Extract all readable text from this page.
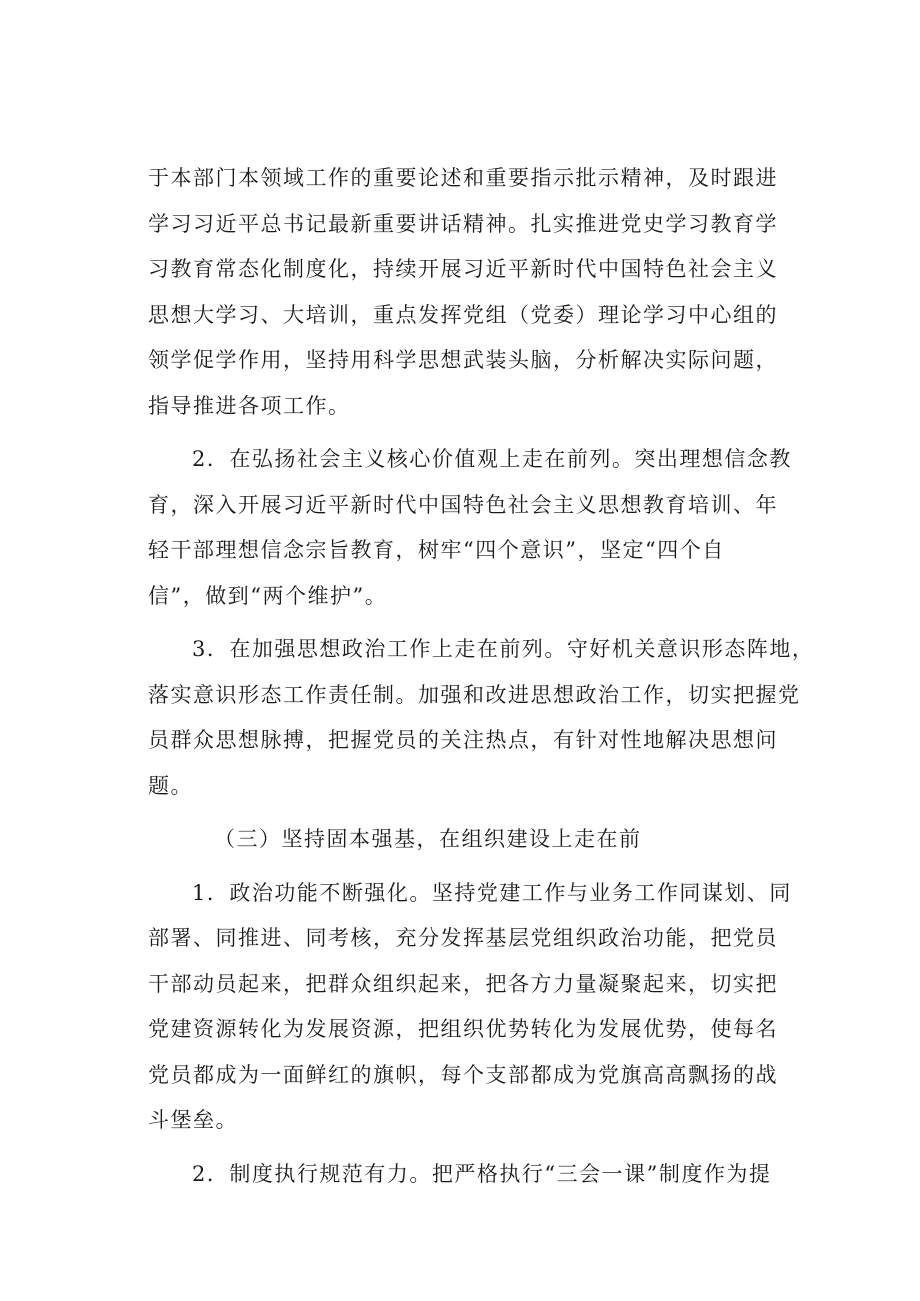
于本部门本领域工作的重要论述和重要指示批示精神，及时跟进
学习习近平总书记最新重要讲话精神。扎实推进党史学习教育学
习教育常态化制度化，持续开展习近平新时代中国特色社会主义
思想大学习、大培训，重点发挥党组（党委）理论学习中心组的
领学促学作用，坚持用科学思想武装头脑，分析解决实际问题，
指导推进各项工作。
2．在弘扬社会主义核心价值观上走在前列。突出理想信念教
育，深入开展习近平新时代中国特色社会主义思想教育培训、年
轻干部理想信念宗旨教育，树牢“四个意识”，坚定“四个自
信”，做到“两个维护”。
3．在加强思想政治工作上走在前列。守好机关意识形态阵地，
落实意识形态工作责任制。加强和改进思想政治工作，切实把握党
员群众思想脉搏，把握党员的关注热点，有针对性地解决思想问
题。
（三）坚持固本强基，在组织建设上走在前
1．政治功能不断强化。坚持党建工作与业务工作同谋划、同
部署、同推进、同考核，充分发挥基层党组织政治功能，把党员
干部动员起来，把群众组织起来，把各方力量凝聚起来，切实把
党建资源转化为发展资源，把组织优势转化为发展优势，使每名
党员都成为一面鲜红的旗帜，每个支部都成为党旗高高飘扬的战
斗堡垒。
2．制度执行规范有力。把严格执行“三会一课”制度作为提
